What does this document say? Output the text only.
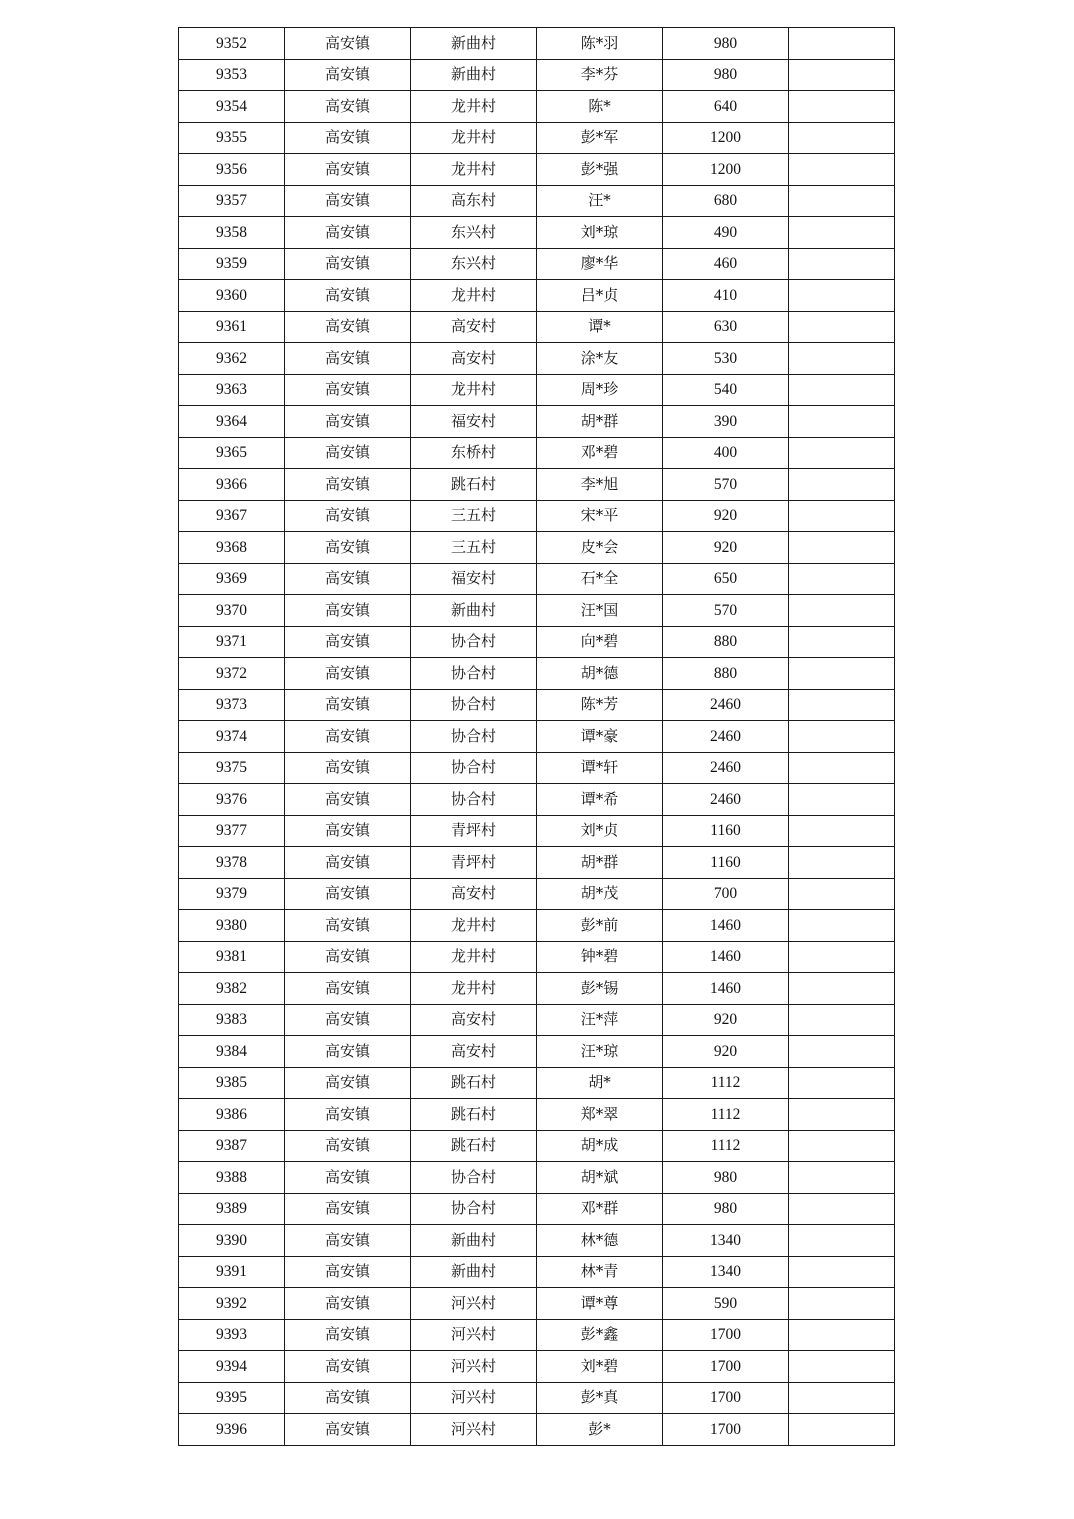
9352	高安镇	新曲村	陈*羽	980	
9353	高安镇	新曲村	李*芬	980	
9354	高安镇	龙井村	陈*	640	
9355	高安镇	龙井村	彭*军	1200	
9356	高安镇	龙井村	彭*强	1200	
9357	高安镇	高东村	汪*	680	
9358	高安镇	东兴村	刘*琼	490	
9359	高安镇	东兴村	廖*华	460	
9360	高安镇	龙井村	吕*贞	410	
9361	高安镇	高安村	谭*	630	
9362	高安镇	高安村	涂*友	530	
9363	高安镇	龙井村	周*珍	540	
9364	高安镇	福安村	胡*群	390	
9365	高安镇	东桥村	邓*碧	400	
9366	高安镇	跳石村	李*旭	570	
9367	高安镇	三五村	宋*平	920	
9368	高安镇	三五村	皮*会	920	
9369	高安镇	福安村	石*全	650	
9370	高安镇	新曲村	汪*国	570	
9371	高安镇	协合村	向*碧	880	
9372	高安镇	协合村	胡*德	880	
9373	高安镇	协合村	陈*芳	2460	
9374	高安镇	协合村	谭*豪	2460	
9375	高安镇	协合村	谭*轩	2460	
9376	高安镇	协合村	谭*希	2460	
9377	高安镇	青坪村	刘*贞	1160	
9378	高安镇	青坪村	胡*群	1160	
9379	高安镇	高安村	胡*茂	700	
9380	高安镇	龙井村	彭*前	1460	
9381	高安镇	龙井村	钟*碧	1460	
9382	高安镇	龙井村	彭*锡	1460	
9383	高安镇	高安村	汪*萍	920	
9384	高安镇	高安村	汪*琼	920	
9385	高安镇	跳石村	胡*	1112	
9386	高安镇	跳石村	郑*翠	1112	
9387	高安镇	跳石村	胡*成	1112	
9388	高安镇	协合村	胡*斌	980	
9389	高安镇	协合村	邓*群	980	
9390	高安镇	新曲村	林*德	1340	
9391	高安镇	新曲村	林*青	1340	
9392	高安镇	河兴村	谭*尊	590	
9393	高安镇	河兴村	彭*鑫	1700	
9394	高安镇	河兴村	刘*碧	1700	
9395	高安镇	河兴村	彭*真	1700	
9396	高安镇	河兴村	彭*	1700	
